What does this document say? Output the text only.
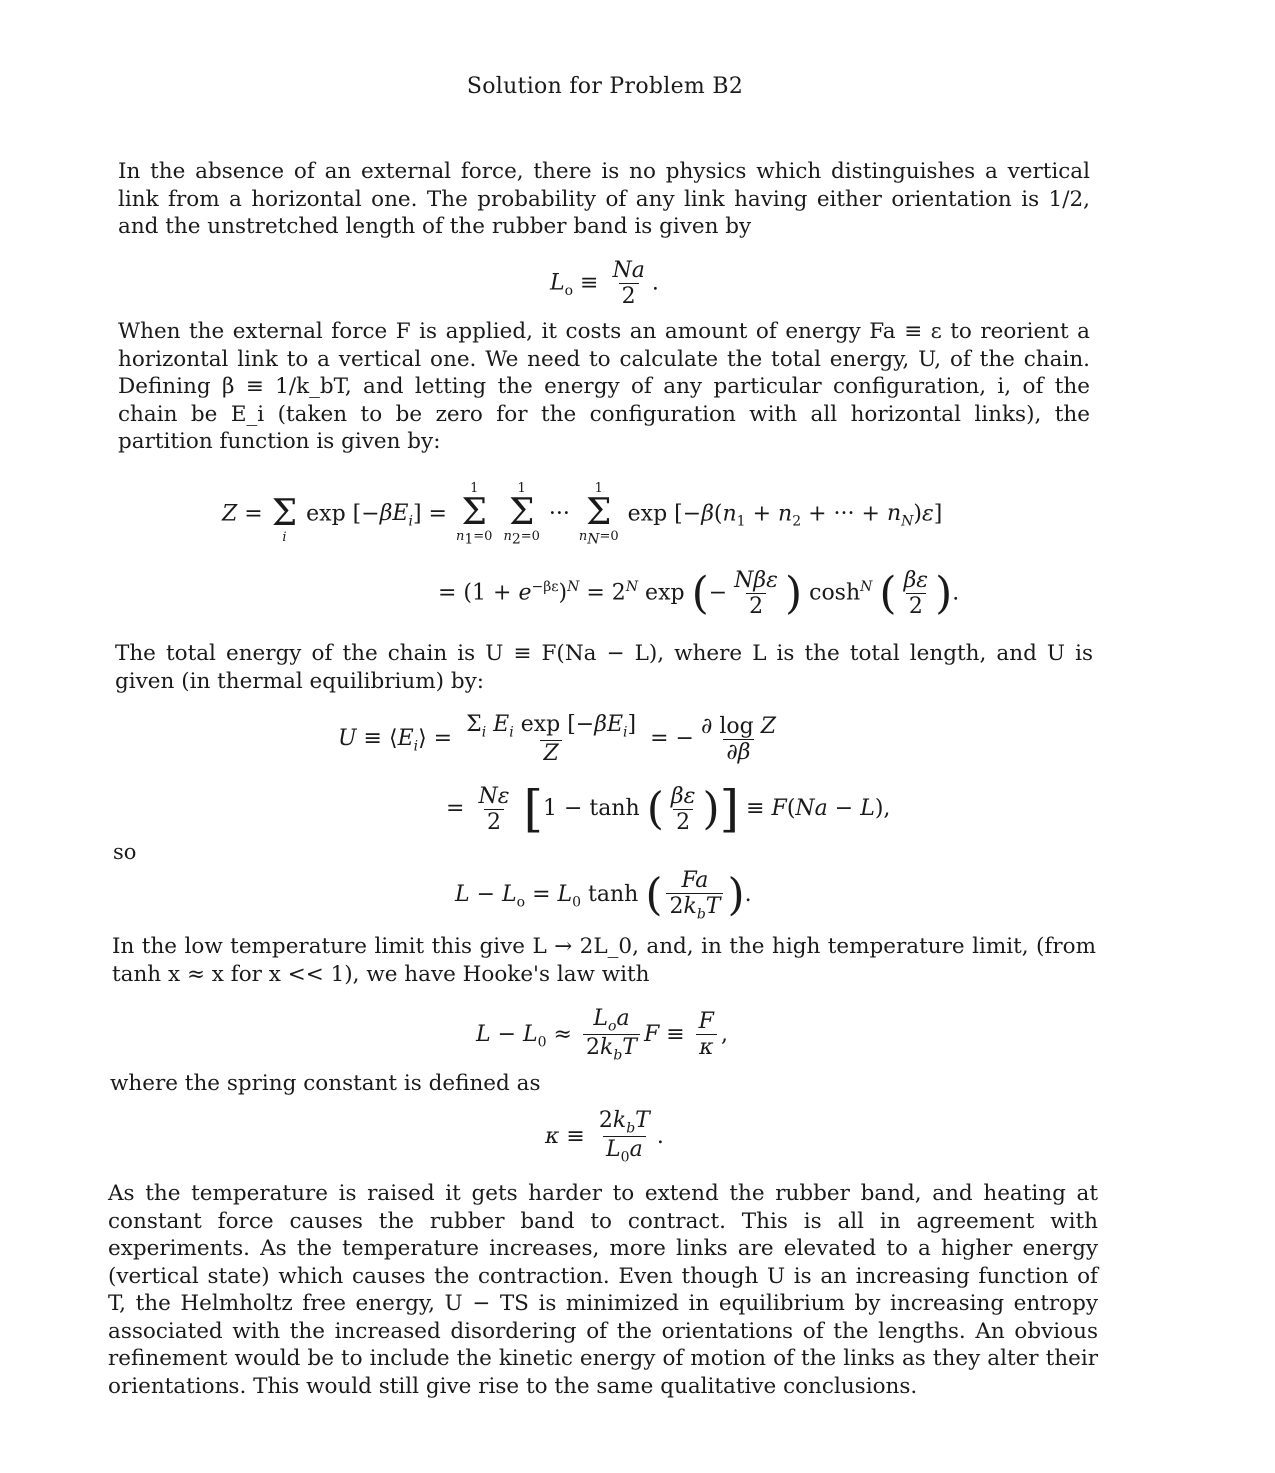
Solution for Problem B2

In the absence of an external force, there is no physics which distinguishes a vertical link from a horizontal one. The probability of any link having either orientation is 1/2, and the unstretched length of the rubber band is given by

$L_o \equiv \frac{Na}{2}$ .

When the external force F is applied, it costs an amount of energy Fa ≡ ε to reorient a horizontal link to a vertical one. We need to calculate the total energy, U, of the chain. Defining β ≡ 1/k_bT, and letting the energy of any particular configuration, i, of the chain be E_i (taken to be zero for the configuration with all horizontal links), the partition function is given by:

Z =
Σ
i
$\exp [-\beta E_i]$ =
1
Σ
$n_1=0$

1
Σ
$n_2=0$
···
1
Σ
$n_N=0$
$\exp [-\beta(n_1 + n_2$ + ··· + $n_N)\varepsilon$]
= $(1 + e^{-\beta\varepsilon})^N = 2^N$ exp (− $\frac{\text{Nβε}}{2}$ ) $\cosh^N$ ( $\frac{\beta\varepsilon}{2}$ ).

The total energy of the chain is U ≡ F(Na − L), where L is the total length, and U is given (in thermal equilibrium) by:

$U \equiv ⟨E_i⟩ = \frac{\Sigma_i E_i \exp [-\beta E_i]}{Z}$ = − $\frac{\text{∂ log Z}}{\partial\beta}$
= $\frac{N\varepsilon}{2} [1 - \tanh$ ( $\frac{\beta\varepsilon}{2}$ )] ≡ F(Na − L),
so
$L - L_o = L_0$ tanh ( $\frac{Fa}{2k_bT}$ ).

In the low temperature limit this give L → 2L_0, and, in the high temperature limit, (from tanh x ≈ x for x << 1), we have Hooke's law with

$L - L_0 \approx \frac{L_oa}{2k_bT}$ $F \equiv \frac{F}{\kappa}$ ,

where the spring constant is defined as

$\kappa \equiv \frac{2k_bT}{L_0a}$ .

As the temperature is raised it gets harder to extend the rubber band, and heating at constant force causes the rubber band to contract. This is all in agreement with experiments. As the temperature increases, more links are elevated to a higher energy (vertical state) which causes the contraction. Even though U is an increasing function of T, the Helmholtz free energy, U − TS is minimized in equilibrium by increasing entropy associated with the increased disordering of the orientations of the lengths. An obvious refinement would be to include the kinetic energy of motion of the links as they alter their orientations. This would still give rise to the same qualitative conclusions.
